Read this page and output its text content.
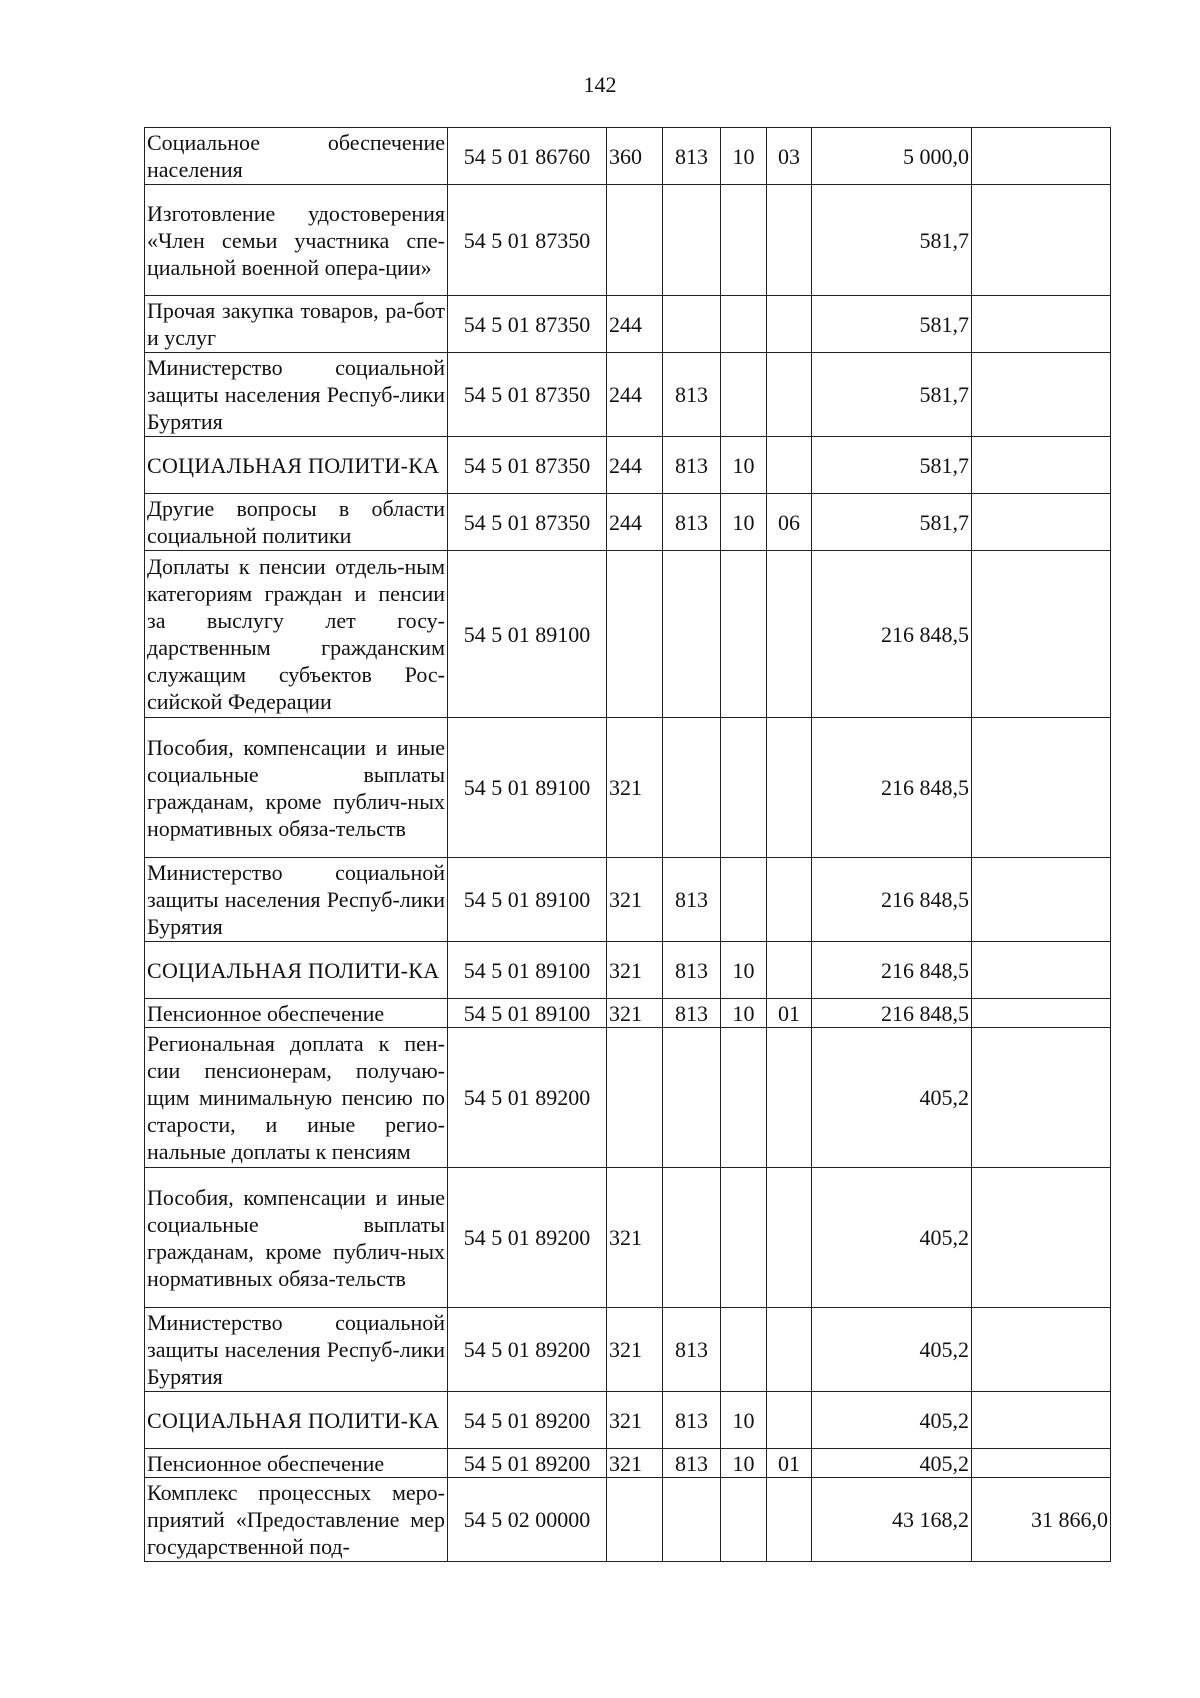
142
Социальное обеспечение населения	54 5 01 86760	360	813	10	03	5 000,0	
Изготовление удостоверения «Член семьи участника спе-циальной военной опера-ции»	54 5 01 87350					581,7	
Прочая закупка товаров, ра-бот и услуг	54 5 01 87350	244				581,7	
Министерство социальной защиты населения Респуб-лики Бурятия	54 5 01 87350	244	813			581,7	
СОЦИАЛЬНАЯ ПОЛИТИ-КА	54 5 01 87350	244	813	10		581,7	
Другие вопросы в области социальной политики	54 5 01 87350	244	813	10	06	581,7	
Доплаты к пенсии отдель-ным категориям граждан и пенсии за выслугу лет госу-дарственным гражданским служащим субъектов Рос-сийской Федерации	54 5 01 89100					216 848,5	
Пособия, компенсации и иные социальные выплаты гражданам, кроме публич-ных нормативных обяза-тельств	54 5 01 89100	321				216 848,5	
Министерство социальной защиты населения Респуб-лики Бурятия	54 5 01 89100	321	813			216 848,5	
СОЦИАЛЬНАЯ ПОЛИТИ-КА	54 5 01 89100	321	813	10		216 848,5	
Пенсионное обеспечение	54 5 01 89100	321	813	10	01	216 848,5	
Региональная доплата к пен-сии пенсионерам, получаю-щим минимальную пенсию по старости, и иные регио-нальные доплаты к пенсиям	54 5 01 89200					405,2	
Пособия, компенсации и иные социальные выплаты гражданам, кроме публич-ных нормативных обяза-тельств	54 5 01 89200	321				405,2	
Министерство социальной защиты населения Респуб-лики Бурятия	54 5 01 89200	321	813			405,2	
СОЦИАЛЬНАЯ ПОЛИТИ-КА	54 5 01 89200	321	813	10		405,2	
Пенсионное обеспечение	54 5 01 89200	321	813	10	01	405,2	
Комплекс процессных меро-приятий «Предоставление мер государственной под-	54 5 02 00000					43 168,2	31 866,0
